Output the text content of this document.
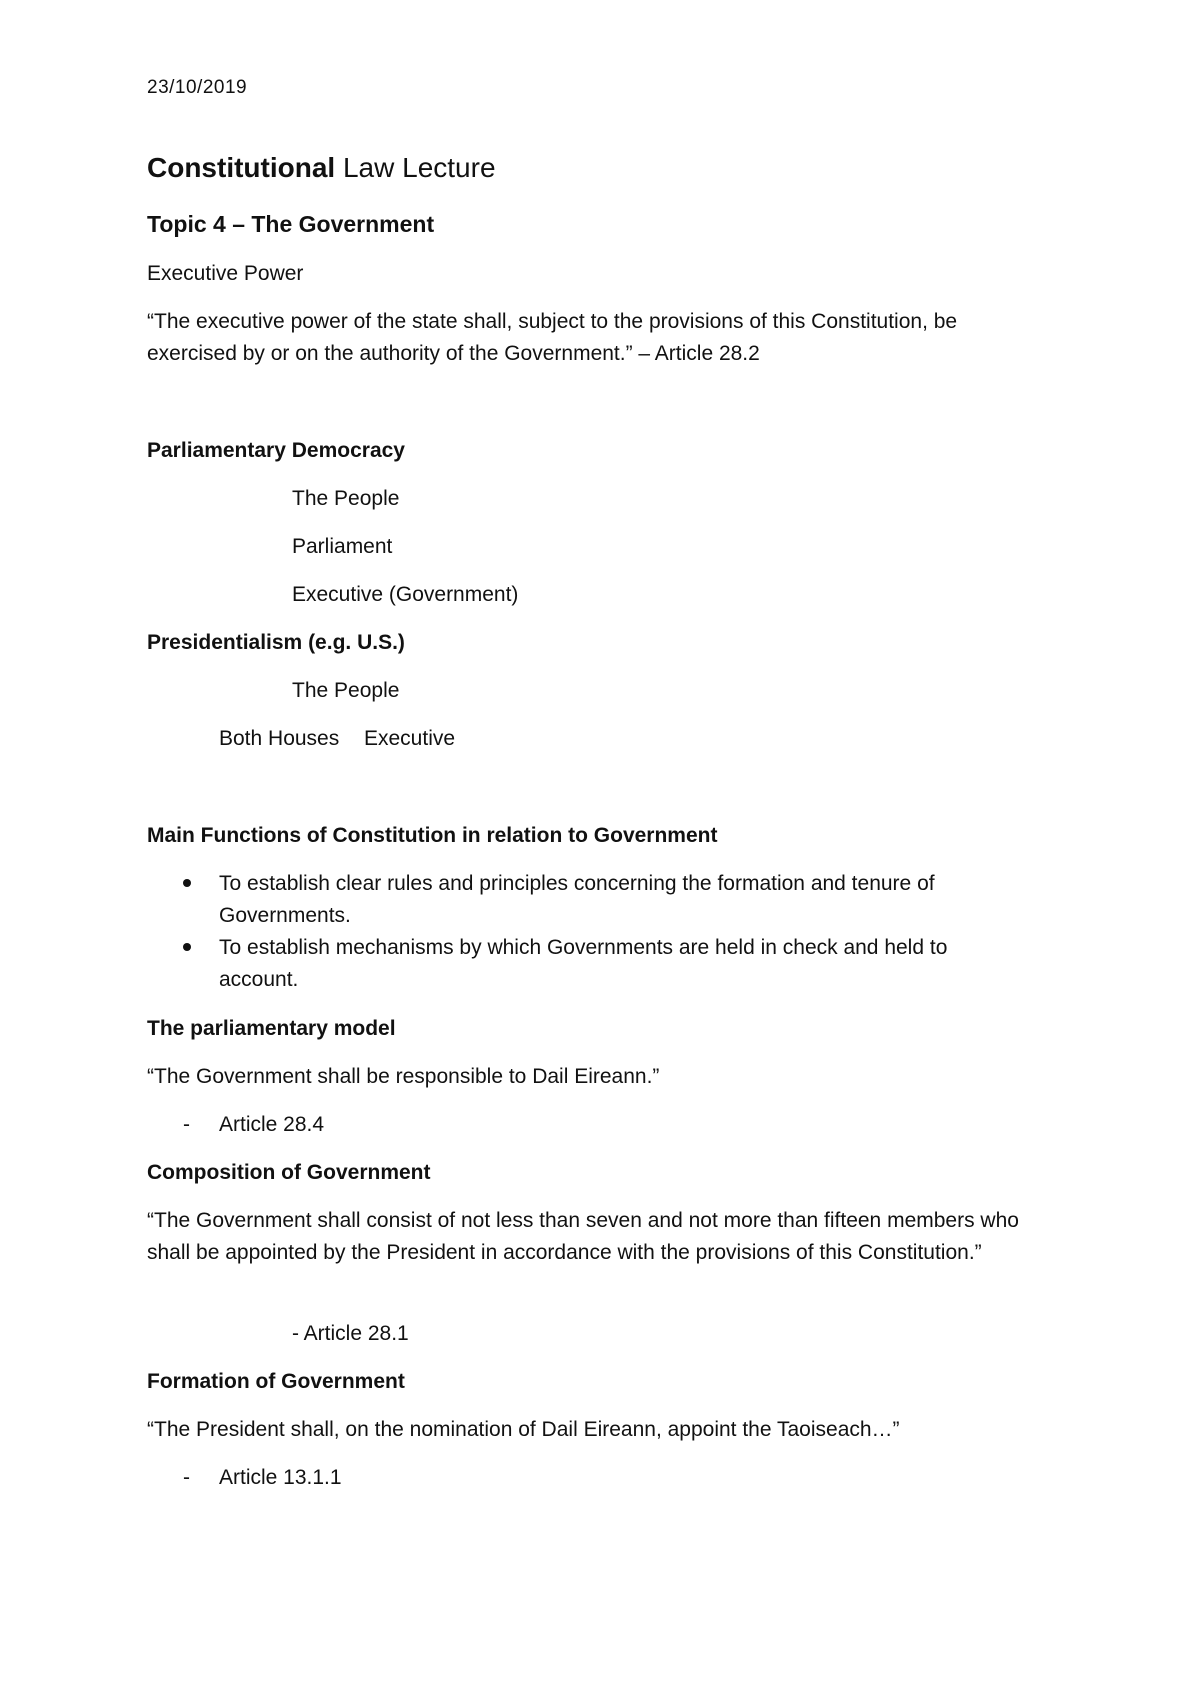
23/10/2019
Constitutional Law Lecture
Topic 4 – The Government
Executive Power

“The executive power of the state shall, subject to the provisions of this Constitution, be exercised by or on the authority of the Government.” – Article 28.2

Parliamentary Democracy
The People
Parliament
Executive (Government)
Presidentialism (e.g. U.S.)
The People
Both Houses Executive
Main Functions of Constitution in relation to Government
To establish clear rules and principles concerning the formation and tenure of Governments.
To establish mechanisms by which Governments are held in check and held to account.
The parliamentary model
“The Government shall be responsible to Dail Eireann.”
- Article 28.4
Composition of Government

“The Government shall consist of not less than seven and not more than fifteen members who shall be appointed by the President in accordance with the provisions of this Constitution.”

- Article 28.1
Formation of Government
“The President shall, on the nomination of Dail Eireann, appoint the Taoiseach…”
- Article 13.1.1
